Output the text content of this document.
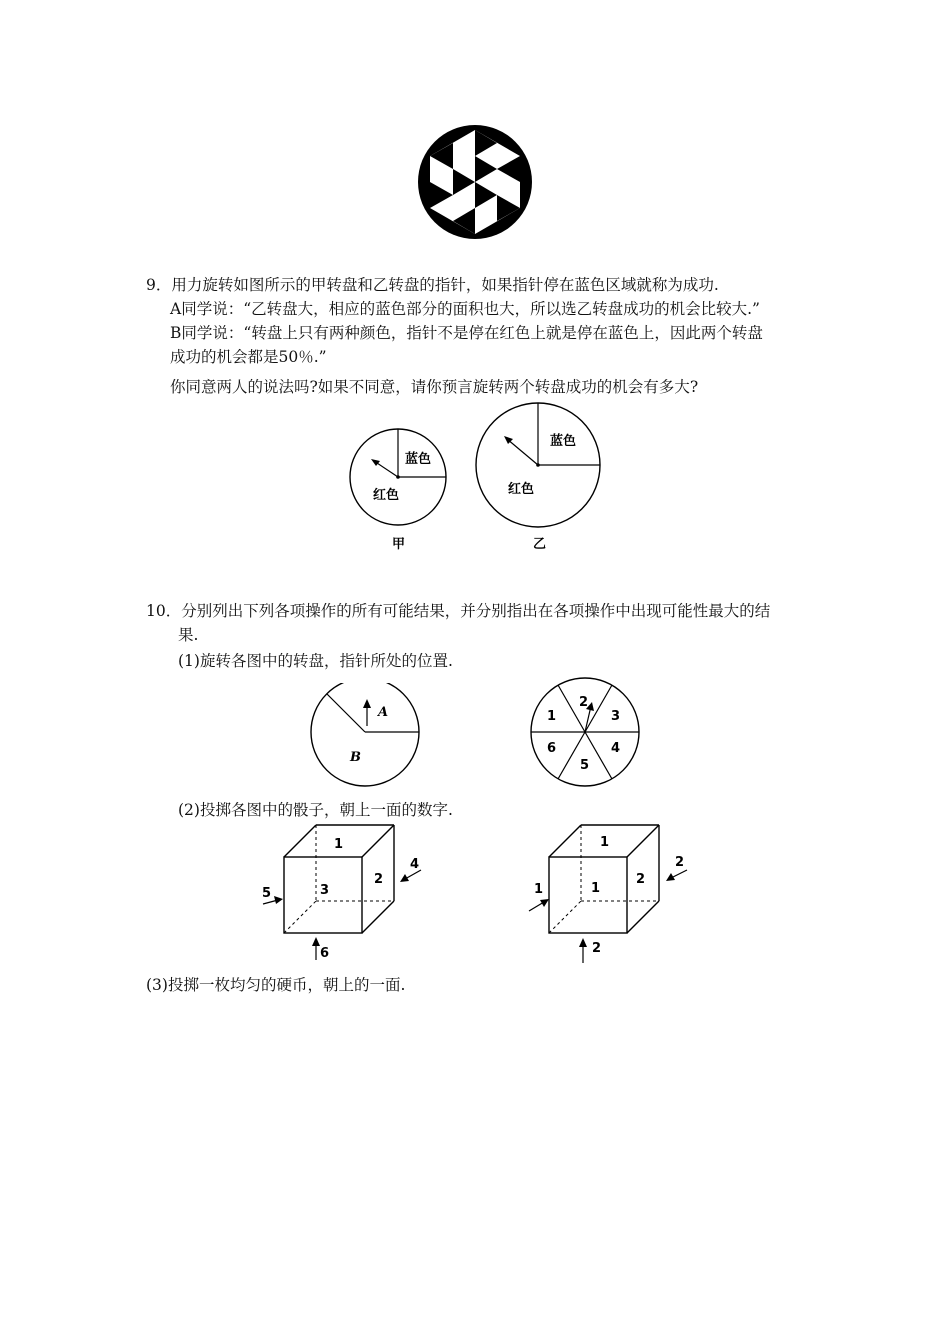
9．用力旋转如图所示的甲转盘和乙转盘的指针，如果指针停在蓝色区域就称为成功.
A同学说：“乙转盘大，相应的蓝色部分的面积也大，所以选乙转盘成功的机会比较大.”
B同学说：“转盘上只有两种颜色，指针不是停在红色上就是停在蓝色上，因此两个转盘
成功的机会都是50％.”
你同意两人的说法吗?如果不同意，请你预言旋转两个转盘成功的机会有多大?
蓝色
红色
甲
蓝色
红色
乙
10．分别列出下列各项操作的所有可能结果，并分别指出在各项操作中出现可能性最大的结
果.
(1)旋转各图中的转盘，指针所处的位置.
A
B
1
2
3
4
5
6
(2)投掷各图中的骰子，朝上一面的数字.
1
3
2
5
4
6
1
1
2
1
2
2
(3)投掷一枚均匀的硬币，朝上的一面.
